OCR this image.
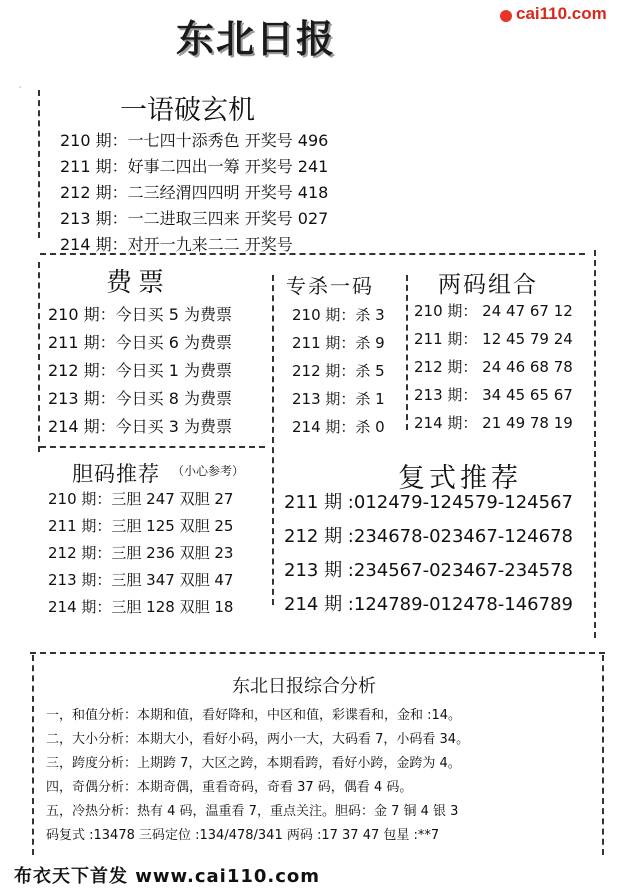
cai110.com
东北日报
·
一语破玄机
210 期：一七四十添秀色 开奖号 496
211 期：好事二四出一筹 开奖号 241
212 期：二三经渭四四明 开奖号 418
213 期：一二进取三四来 开奖号 027
214 期：对开一九来二二 开奖号
费票
210 期：今日买 5 为费票
211 期：今日买 6 为费票
212 期：今日买 1 为费票
213 期：今日买 8 为费票
214 期：今日买 3 为费票
专杀一码
210 期：杀 3
211 期：杀 9
212 期：杀 5
213 期：杀 1
214 期：杀 0
两码组合
210 期： 24 47 67 12
211 期： 12 45 79 24
212 期： 24 46 68 78
213 期： 34 45 65 67
214 期： 21 49 78 19
胆码推荐 （小心参考）
210 期：三胆 247 双胆 27
211 期：三胆 125 双胆 25
212 期：三胆 236 双胆 23
213 期：三胆 347 双胆 47
214 期：三胆 128 双胆 18
复式推荐
211 期 :012479-124579-124567
212 期 :234678-023467-124678
213 期 :234567-023467-234578
214 期 :124789-012478-146789
东北日报综合分析
一，和值分析：本期和值，看好降和，中区和值，彩谍看和，金和 :14。
二，大小分析：本期大小，看好小码，两小一大，大码看 7，小码看 34。
三，跨度分析：上期跨 7，大区之跨，本期看跨，看好小跨，金跨为 4。
四，奇偶分析：本期奇偶，重看奇码，奇看 37 码，偶看 4 码。
五，冷热分析：热有 4 码，温重看 7，重点关注。胆码：金 7 铜 4 银 3
码复式 :13478 三码定位 :134/478/341 两码 :17 37 47 包星 :**7
布衣天下首发 www.cai110.com
